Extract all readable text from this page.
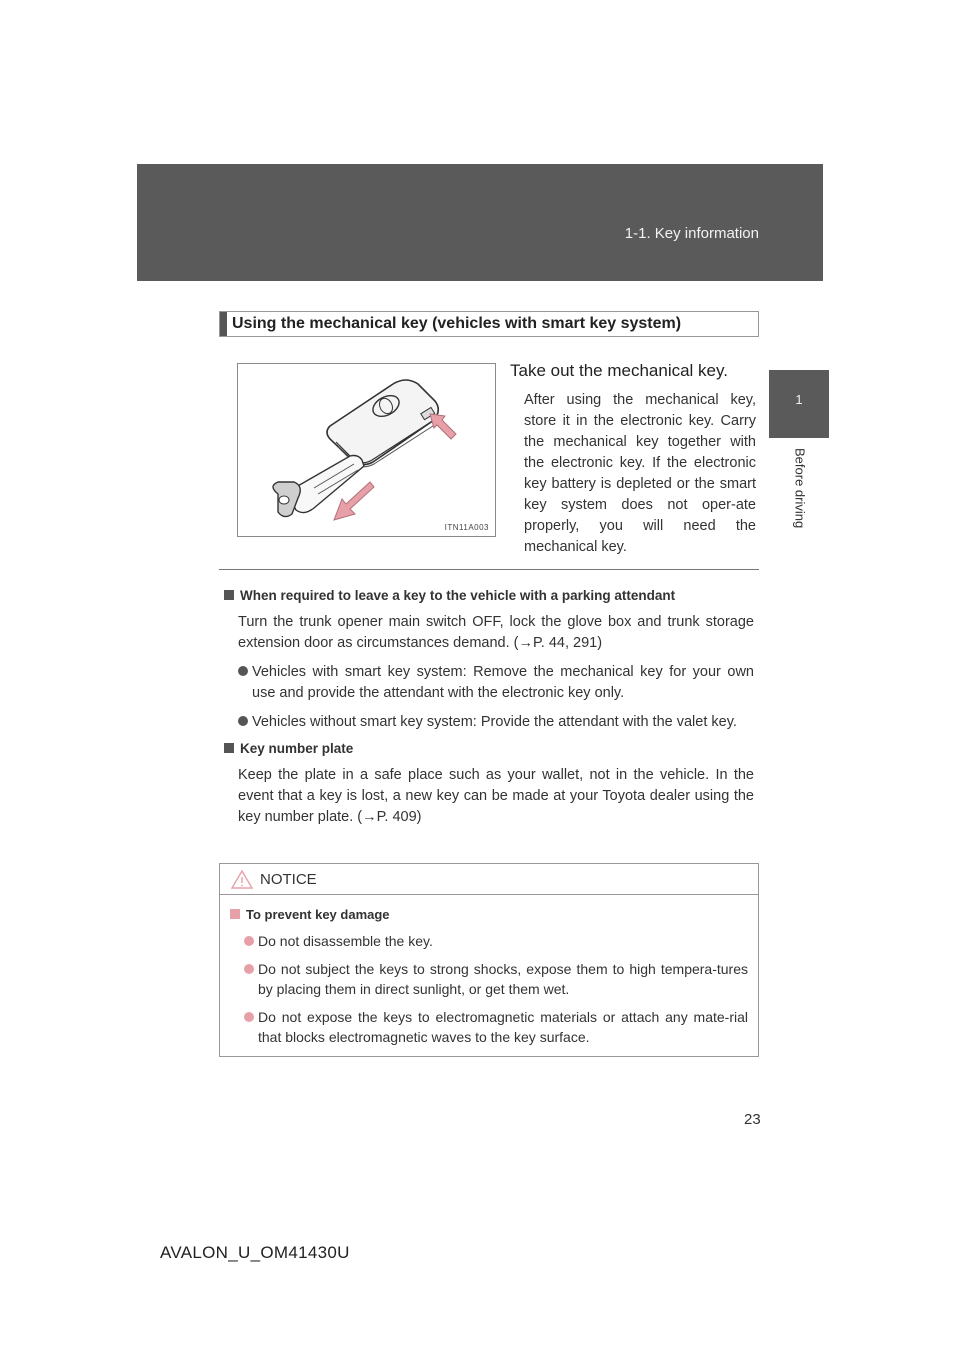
1-1. Key information
1
Before driving
Using the mechanical key (vehicles with smart key system)
ITN11A003
Take out the mechanical key.
After using the mechanical key, store it in the electronic key. Carry the mechanical key together with the electronic key. If the electronic key battery is depleted or the smart key system does not oper-ate properly, you will need the mechanical key.
When required to leave a key to the vehicle with a parking attendant
Turn the trunk opener main switch OFF, lock the glove box and trunk storage extension door as circumstances demand. (→P. 44, 291)
Vehicles with smart key system: Remove the mechanical key for your own use and provide the attendant with the electronic key only.
Vehicles without smart key system: Provide the attendant with the valet key.
Key number plate
Keep the plate in a safe place such as your wallet, not in the vehicle. In the event that a key is lost, a new key can be made at your Toyota dealer using the key number plate. (→P. 409)
NOTICE
To prevent key damage
Do not disassemble the key.
Do not subject the keys to strong shocks, expose them to high tempera-tures by placing them in direct sunlight, or get them wet.
Do not expose the keys to electromagnetic materials or attach any mate-rial that blocks electromagnetic waves to the key surface.
23
AVALON_U_OM41430U
